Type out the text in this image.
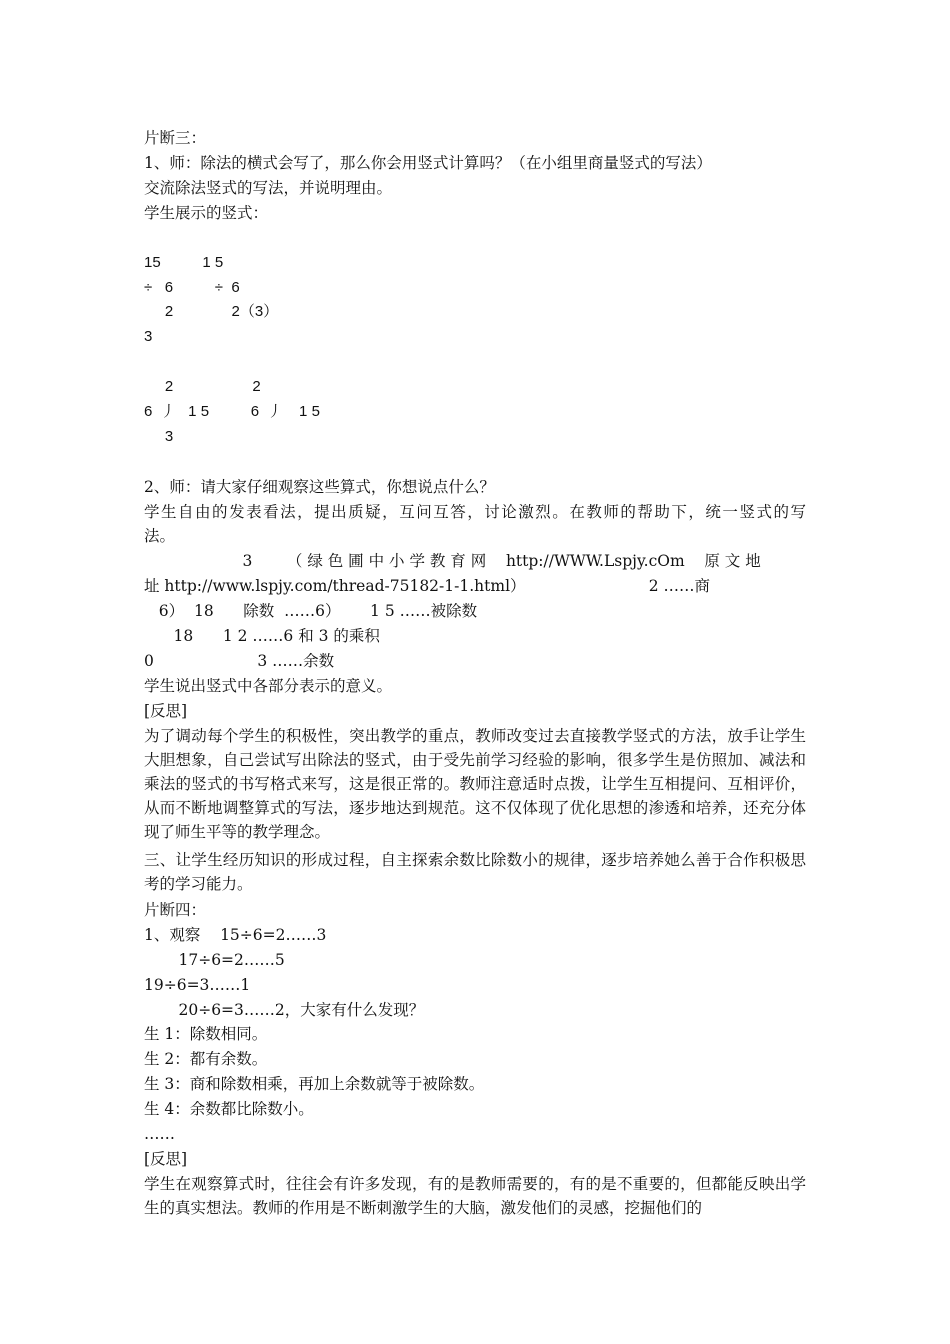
片断三：

1、师：除法的横式会写了，那么你会用竖式计算吗？（在小组里商量竖式的写法）

交流除法竖式的写法，并说明理由。

学生展示的竖式：

15          1 5

÷   6          ÷  6

2              2（3）

3

2                   2

6  丿   1 5          6  丿    1 5

3

2、师：请大家仔细观察这些算式，你想说点什么？

学生自由的发表看法，提出质疑，互问互答，讨论激烈。在教师的帮助下，统一竖式的写

法。

3       （ 绿 色 圃 中 小 学 教 育 网    http://WWW.Lspjy.cOm    原 文 地

址 http://www.lspjy.com/thread-75182-1-1.html）                         2 ……商

6）  18      除数  ……6）      1 5 ……被除数

18      1 2 ……6 和 3 的乘积

0                     3 ……余数

学生说出竖式中各部分表示的意义。

[反思]

为了调动每个学生的积极性，突出教学的重点，教师改变过去直接教学竖式的方法，放手让学生大胆想象，自己尝试写出除法的竖式，由于受先前学习经验的影响，很多学生是仿照加、减法和乘法的竖式的书写格式来写，这是很正常的。教师注意适时点拨，让学生互相提问、互相评价，从而不断地调整算式的写法，逐步地达到规范。这不仅体现了优化思想的渗透和培养，还充分体现了师生平等的教学理念。

三、让学生经历知识的形成过程，自主探索余数比除数小的规律，逐步培养她么善于合作积极思考的学习能力。

片断四：

1、观察    15÷6=2……3

17÷6=2……5

19÷6=3……1

20÷6=3……2，大家有什么发现？

生 1：除数相同。

生 2：都有余数。

生 3：商和除数相乘，再加上余数就等于被除数。

生 4：余数都比除数小。

……

[反思]

学生在观察算式时，往往会有许多发现，有的是教师需要的，有的是不重要的，但都能反映出学生的真实想法。教师的作用是不断刺激学生的大脑，激发他们的灵感，挖掘他们的
